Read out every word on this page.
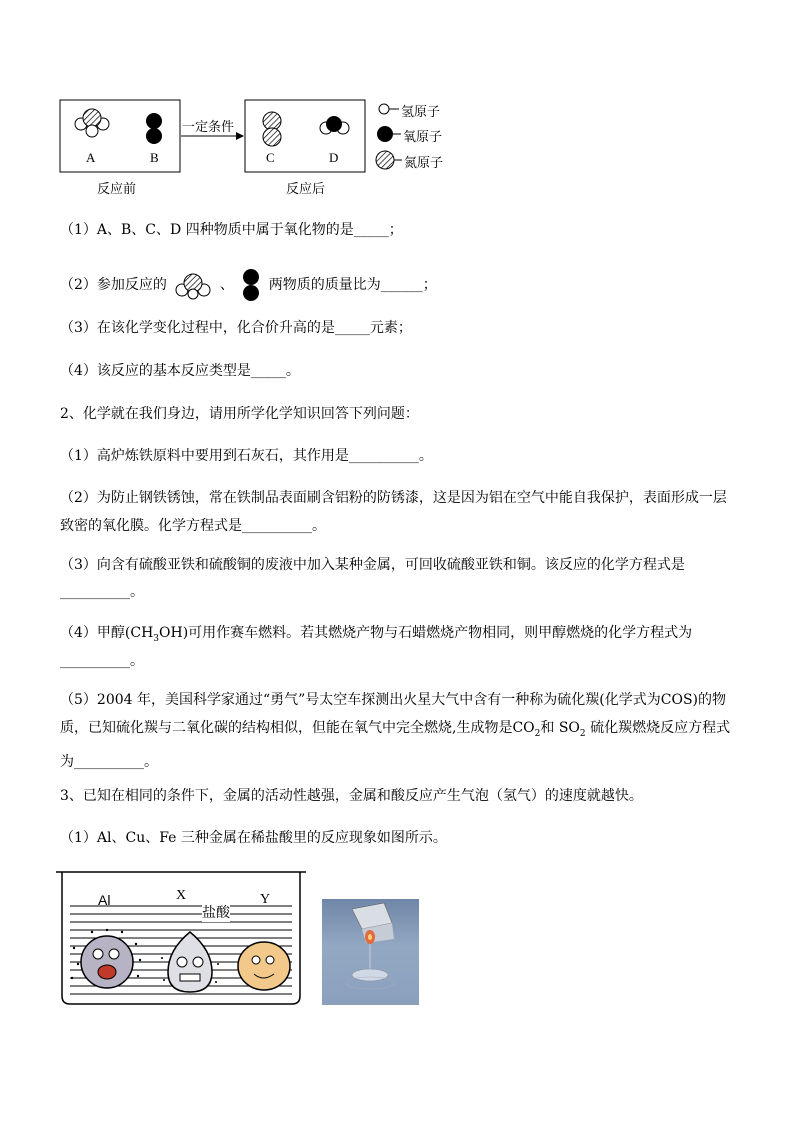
A	B	C	D
一定条件
反应前	反应后
氢原子
氧原子
氮原子
（1）A、B、C、D 四种物质中属于氧化物的是_____；
（2）参加反应的	、 两物质的质量比为______；
（3）在该化学变化过程中，化合价升高的是_____元素；
（4）该反应的基本反应类型是_____。
2、化学就在我们身边，请用所学化学知识回答下列问题：
（1）高炉炼铁原料中要用到石灰石，其作用是__________。
（2）为防止钢铁锈蚀，常在铁制品表面刷含铝粉的防锈漆，这是因为铝在空气中能自我保护，表面形成一层致密的氧化膜。化学方程式是__________。
（3）向含有硫酸亚铁和硫酸铜的废液中加入某种金属，可回收硫酸亚铁和铜。该反应的化学方程式是
__________。
（4）甲醇$(CH_3OH)$可用作赛车燃料。若其燃烧产物与石蜡燃烧产物相同，则甲醇燃烧的化学方程式为
__________。
（5）2004 年，美国科学家通过“勇气”号太空车探测出火星大气中含有一种称为硫化羰(化学式为COS)的物质，已知硫化羰与二氧化碳的结构相似，但能在氧气中完全燃烧,生成物是$CO_2$和 $SO_2$ 硫化羰燃烧反应方程式为__________。
3、已知在相同的条件下，金属的活动性越强，金属和酸反应产生气泡（氢气）的速度就越快。
（1）Al、Cu、Fe 三种金属在稀盐酸里的反应现象如图所示。
Al	X	Y
盐酸
